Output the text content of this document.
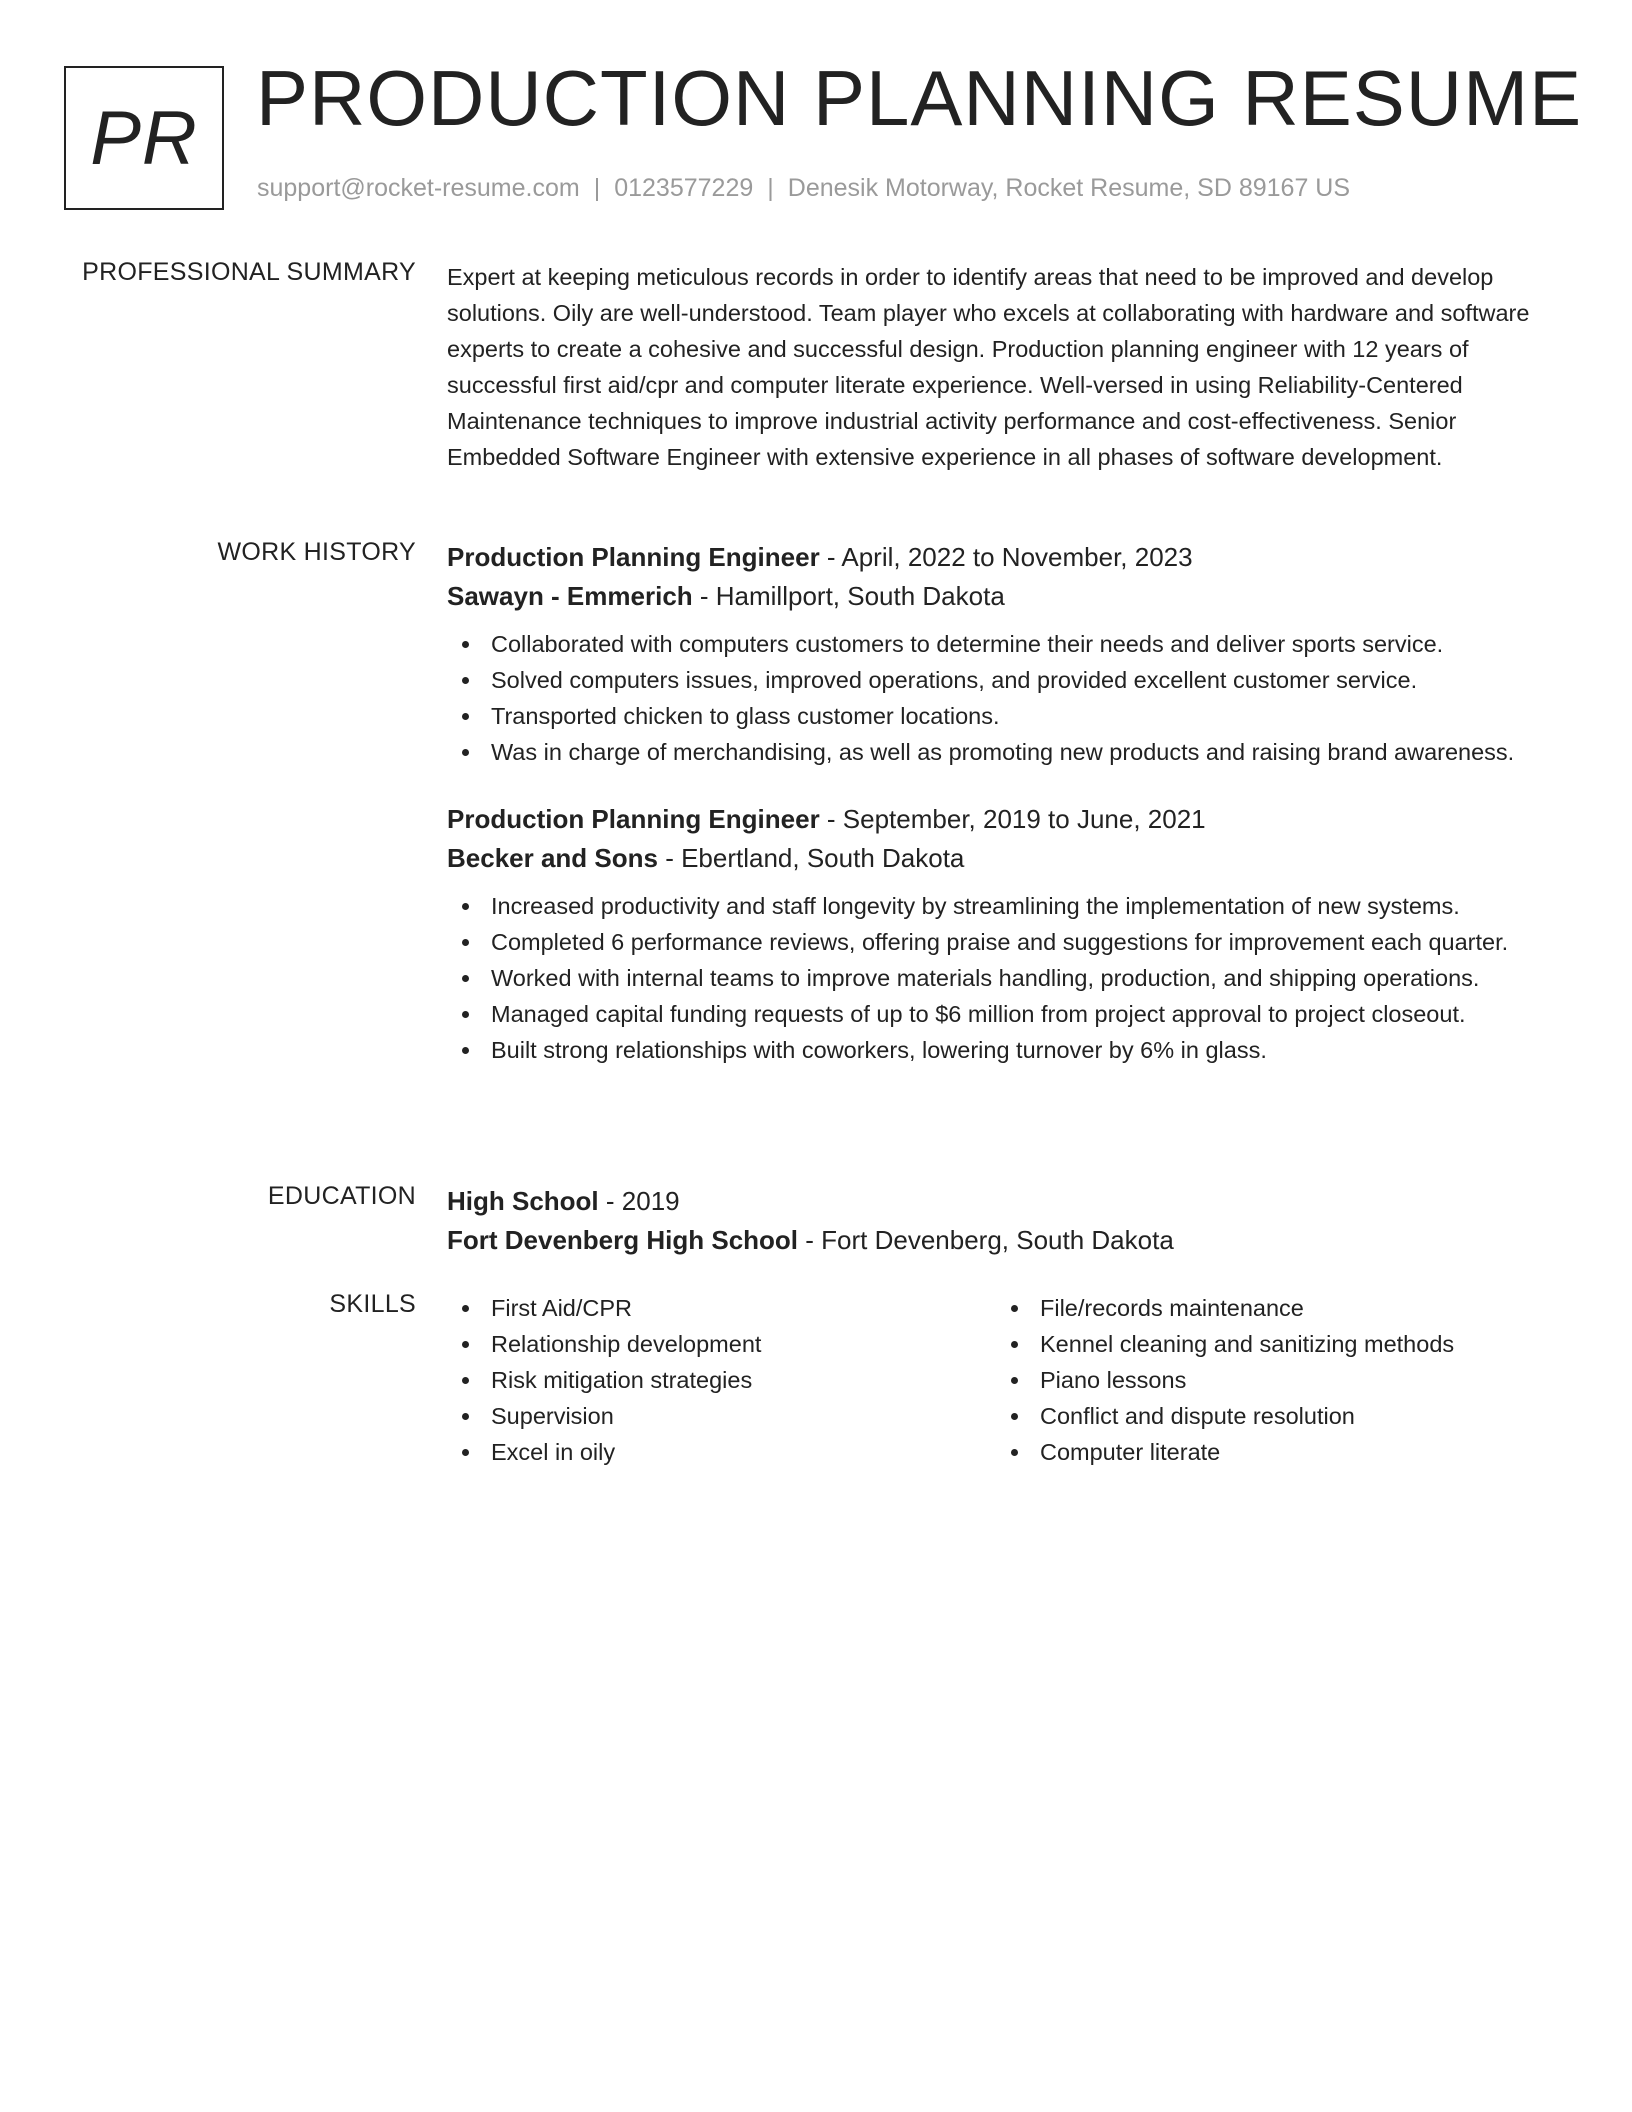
PR PRODUCTION PLANNING RESUME
support@rocket-resume.com | 0123577229 | Denesik Motorway, Rocket Resume, SD 89167 US
PROFESSIONAL SUMMARY Expert at keeping meticulous records in order to identify areas that need to be improved and develop solutions. Oily are well-understood. Team player who excels at collaborating with hardware and software experts to create a cohesive and successful design. Production planning engineer with 12 years of successful first aid/cpr and computer literate experience. Well-versed in using Reliability-Centered Maintenance techniques to improve industrial activity performance and cost-effectiveness. Senior Embedded Software Engineer with extensive experience in all phases of software development.
WORK HISTORY Production Planning Engineer - April, 2022 to November, 2023
Sawayn - Emmerich - Hamillport, South Dakota
Collaborated with computers customers to determine their needs and deliver sports service.
Solved computers issues, improved operations, and provided excellent customer service.
Transported chicken to glass customer locations.
Was in charge of merchandising, as well as promoting new products and raising brand awareness.
Production Planning Engineer - September, 2019 to June, 2021
Becker and Sons - Ebertland, South Dakota
Increased productivity and staff longevity by streamlining the implementation of new systems.
Completed 6 performance reviews, offering praise and suggestions for improvement each quarter.
Worked with internal teams to improve materials handling, production, and shipping operations.
Managed capital funding requests of up to $6 million from project approval to project closeout.
Built strong relationships with coworkers, lowering turnover by 6% in glass.
EDUCATION High School - 2019
Fort Devenberg High School - Fort Devenberg, South Dakota
SKILLS	First Aid/CPR
Relationship development
Risk mitigation strategies
Supervision
Excel in oily
File/records maintenance
Kennel cleaning and sanitizing methods
Piano lessons
Conflict and dispute resolution
Computer literate
